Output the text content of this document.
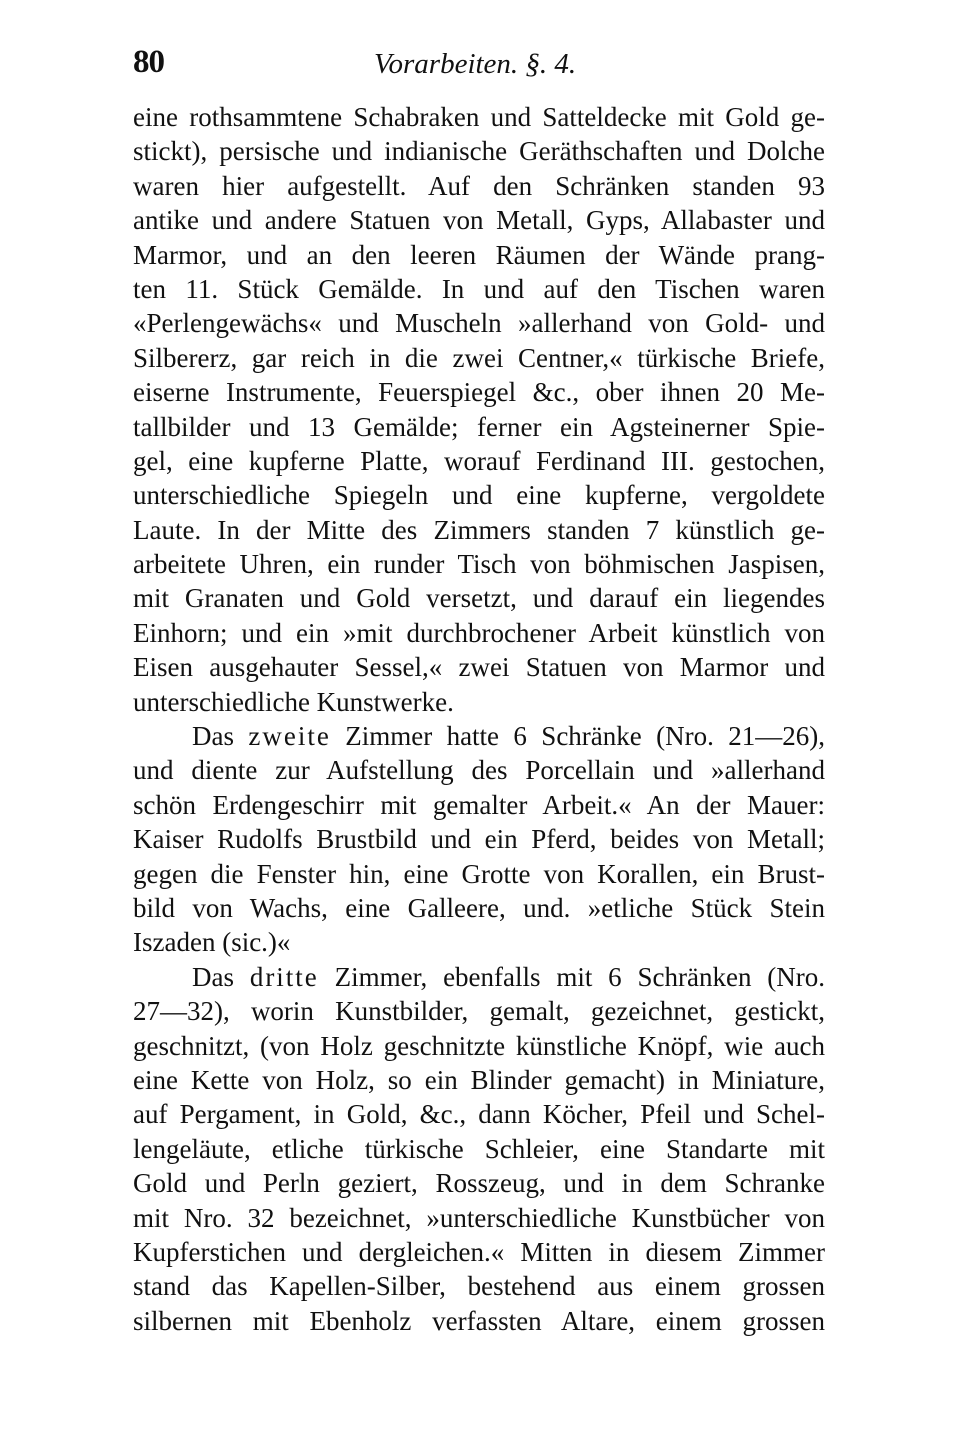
80	Vorarbeiten. §. 4.
eine rothsammtene Schabraken und Satteldecke mit Gold ge-
stickt), persische und indianische Geräthschaften und Dolche
waren hier aufgestellt. Auf den Schränken standen 93
antike und andere Statuen von Metall, Gyps, Allabaster und
Marmor, und an den leeren Räumen der Wände prang-
ten 11. Stück Gemälde. In und auf den Tischen waren
«Perlengewächs« und Muscheln »allerhand von Gold- und
Silbererz, gar reich in die zwei Centner,« türkische Briefe,
eiserne Instrumente, Feuerspiegel &c., ober ihnen 20 Me-
tallbilder und 13 Gemälde; ferner ein Agsteinerner Spie-
gel, eine kupferne Platte, worauf Ferdinand III. gestochen,
unterschiedliche Spiegeln und eine kupferne, vergoldete
Laute. In der Mitte des Zimmers standen 7 künstlich ge-
arbeitete Uhren, ein runder Tisch von böhmischen Jaspisen,
mit Granaten und Gold versetzt, und darauf ein liegendes
Einhorn; und ein »mit durchbrochener Arbeit künstlich von
Eisen ausgehauter Sessel,« zwei Statuen von Marmor und
unterschiedliche Kunstwerke.
Das zweite Zimmer hatte 6 Schränke (Nro. 21—26),
und diente zur Aufstellung des Porcellain und »allerhand
schön Erdengeschirr mit gemalter Arbeit.« An der Mauer:
Kaiser Rudolfs Brustbild und ein Pferd, beides von Metall;
gegen die Fenster hin, eine Grotte von Korallen, ein Brust-
bild von Wachs, eine Galleere, und. »etliche Stück Stein
Iszaden (sic.)«
Das dritte Zimmer, ebenfalls mit 6 Schränken (Nro.
27—32), worin Kunstbilder, gemalt, gezeichnet, gestickt,
geschnitzt, (von Holz geschnitzte künstliche Knöpf, wie auch
eine Kette von Holz, so ein Blinder gemacht) in Miniature,
auf Pergament, in Gold, &c., dann Köcher, Pfeil und Schel-
lengeläute, etliche türkische Schleier, eine Standarte mit
Gold und Perln geziert, Rosszeug, und in dem Schranke
mit Nro. 32 bezeichnet, »unterschiedliche Kunstbücher von
Kupferstichen und dergleichen.« Mitten in diesem Zimmer
stand das Kapellen-Silber, bestehend aus einem grossen
silbernen mit Ebenholz verfassten Altare, einem grossen
